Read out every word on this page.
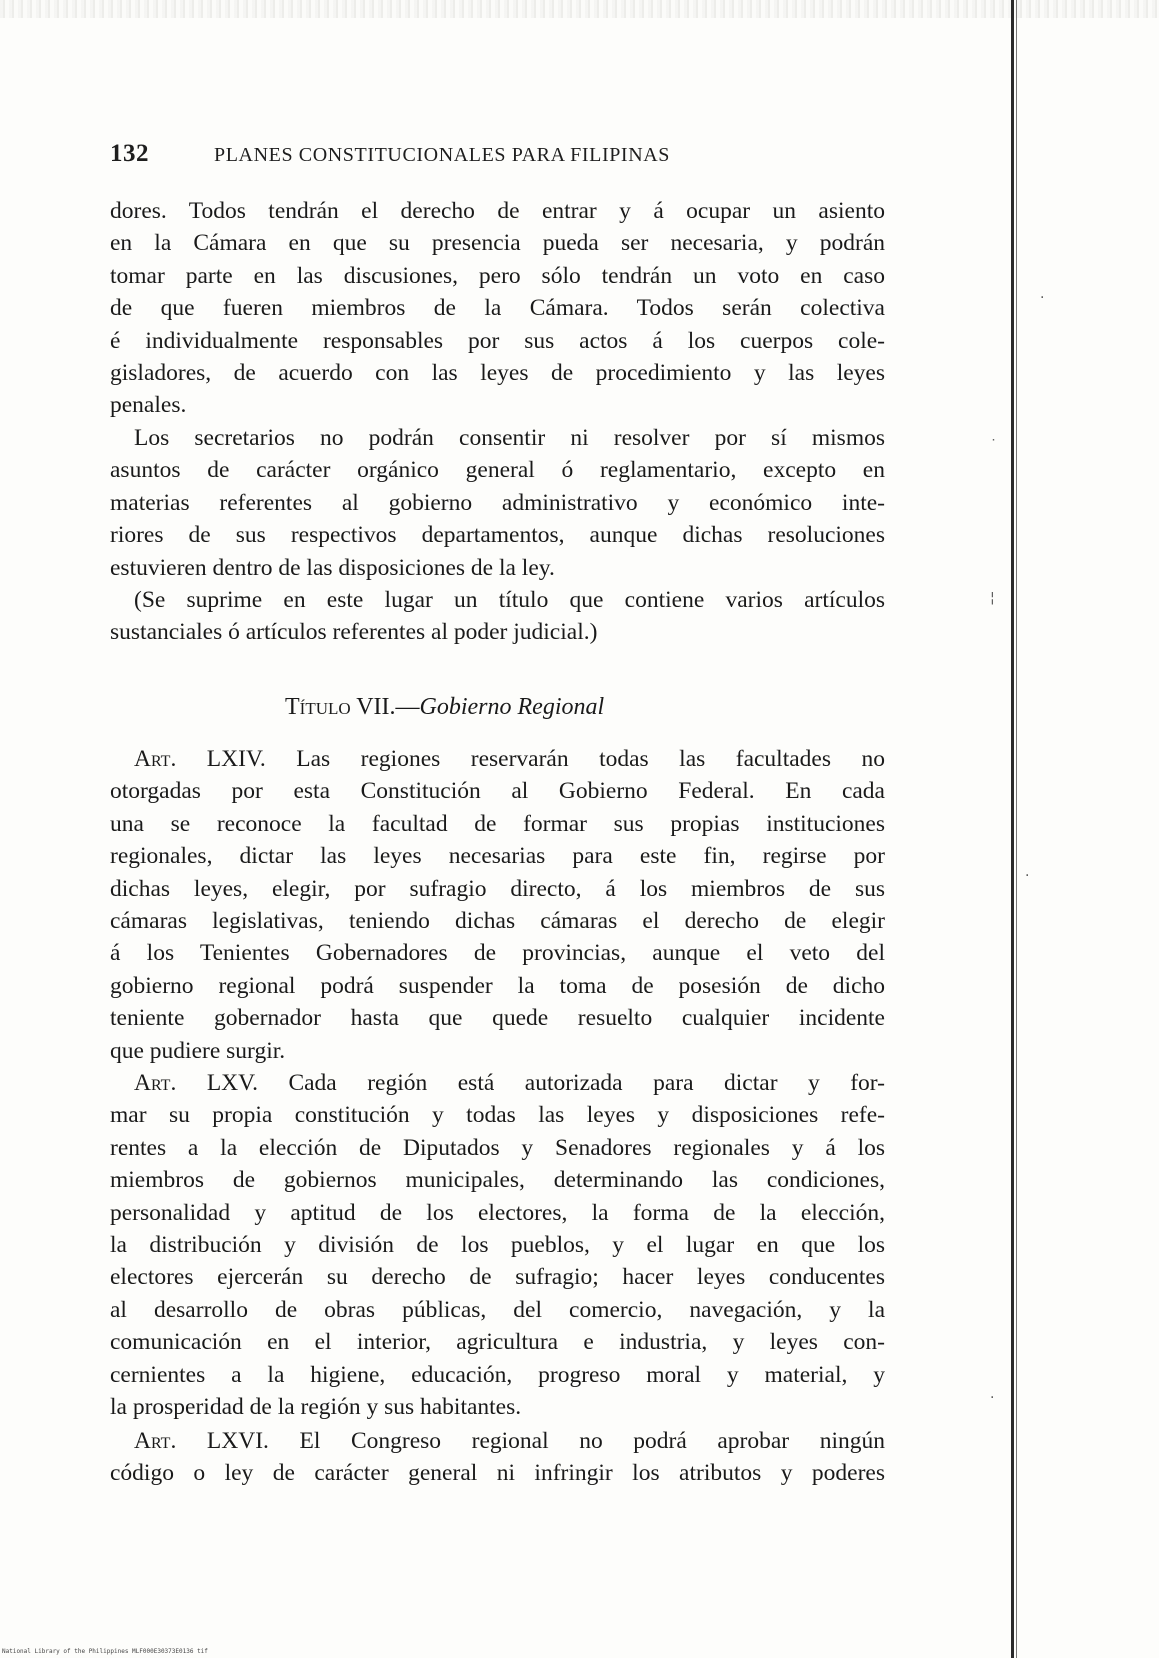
·
˙
¦
·
·
132	PLANES CONSTITUCIONALES PARA FILIPINAS
dores. Todos tendrán el derecho de entrar y á ocupar un asiento
en la Cámara en que su presencia pueda ser necesaria, y podrán
tomar parte en las discusiones, pero sólo tendrán un voto en caso
de que fueren miembros de la Cámara. Todos serán colectiva
é individualmente responsables por sus actos á los cuerpos cole-
gisladores, de acuerdo con las leyes de procedimiento y las leyes
penales.
Los secretarios no podrán consentir ni resolver por sí mismos
asuntos de carácter orgánico general ó reglamentario, excepto en
materias referentes al gobierno administrativo y económico inte-
riores de sus respectivos departamentos, aunque dichas resoluciones
estuvieren dentro de las disposiciones de la ley.
(Se suprime en este lugar un título que contiene varios artículos
sustanciales ó artículos referentes al poder judicial.)
Título VII.—Gobierno Regional
Art. LXIV. Las regiones reservarán todas las facultades no
otorgadas por esta Constitución al Gobierno Federal. En cada
una se reconoce la facultad de formar sus propias instituciones
regionales, dictar las leyes necesarias para este fin, regirse por
dichas leyes, elegir, por sufragio directo, á los miembros de sus
cámaras legislativas, teniendo dichas cámaras el derecho de elegir
á los Tenientes Gobernadores de provincias, aunque el veto del
gobierno regional podrá suspender la toma de posesión de dicho
teniente gobernador hasta que quede resuelto cualquier incidente
que pudiere surgir.
Art. LXV. Cada región está autorizada para dictar y for-
mar su propia constitución y todas las leyes y disposiciones refe-
rentes a la elección de Diputados y Senadores regionales y á los
miembros de gobiernos municipales, determinando las condiciones,
personalidad y aptitud de los electores, la forma de la elección,
la distribución y división de los pueblos, y el lugar en que los
electores ejercerán su derecho de sufragio; hacer leyes conducentes
al desarrollo de obras públicas, del comercio, navegación, y la
comunicación en el interior, agricultura e industria, y leyes con-
cernientes a la higiene, educación, progreso moral y material, y
la prosperidad de la región y sus habitantes.
Art. LXVI. El Congreso regional no podrá aprobar ningún
código o ley de carácter general ni infringir los atributos y poderes
National Library of the Philippines MLF000E30373E0136 tif
